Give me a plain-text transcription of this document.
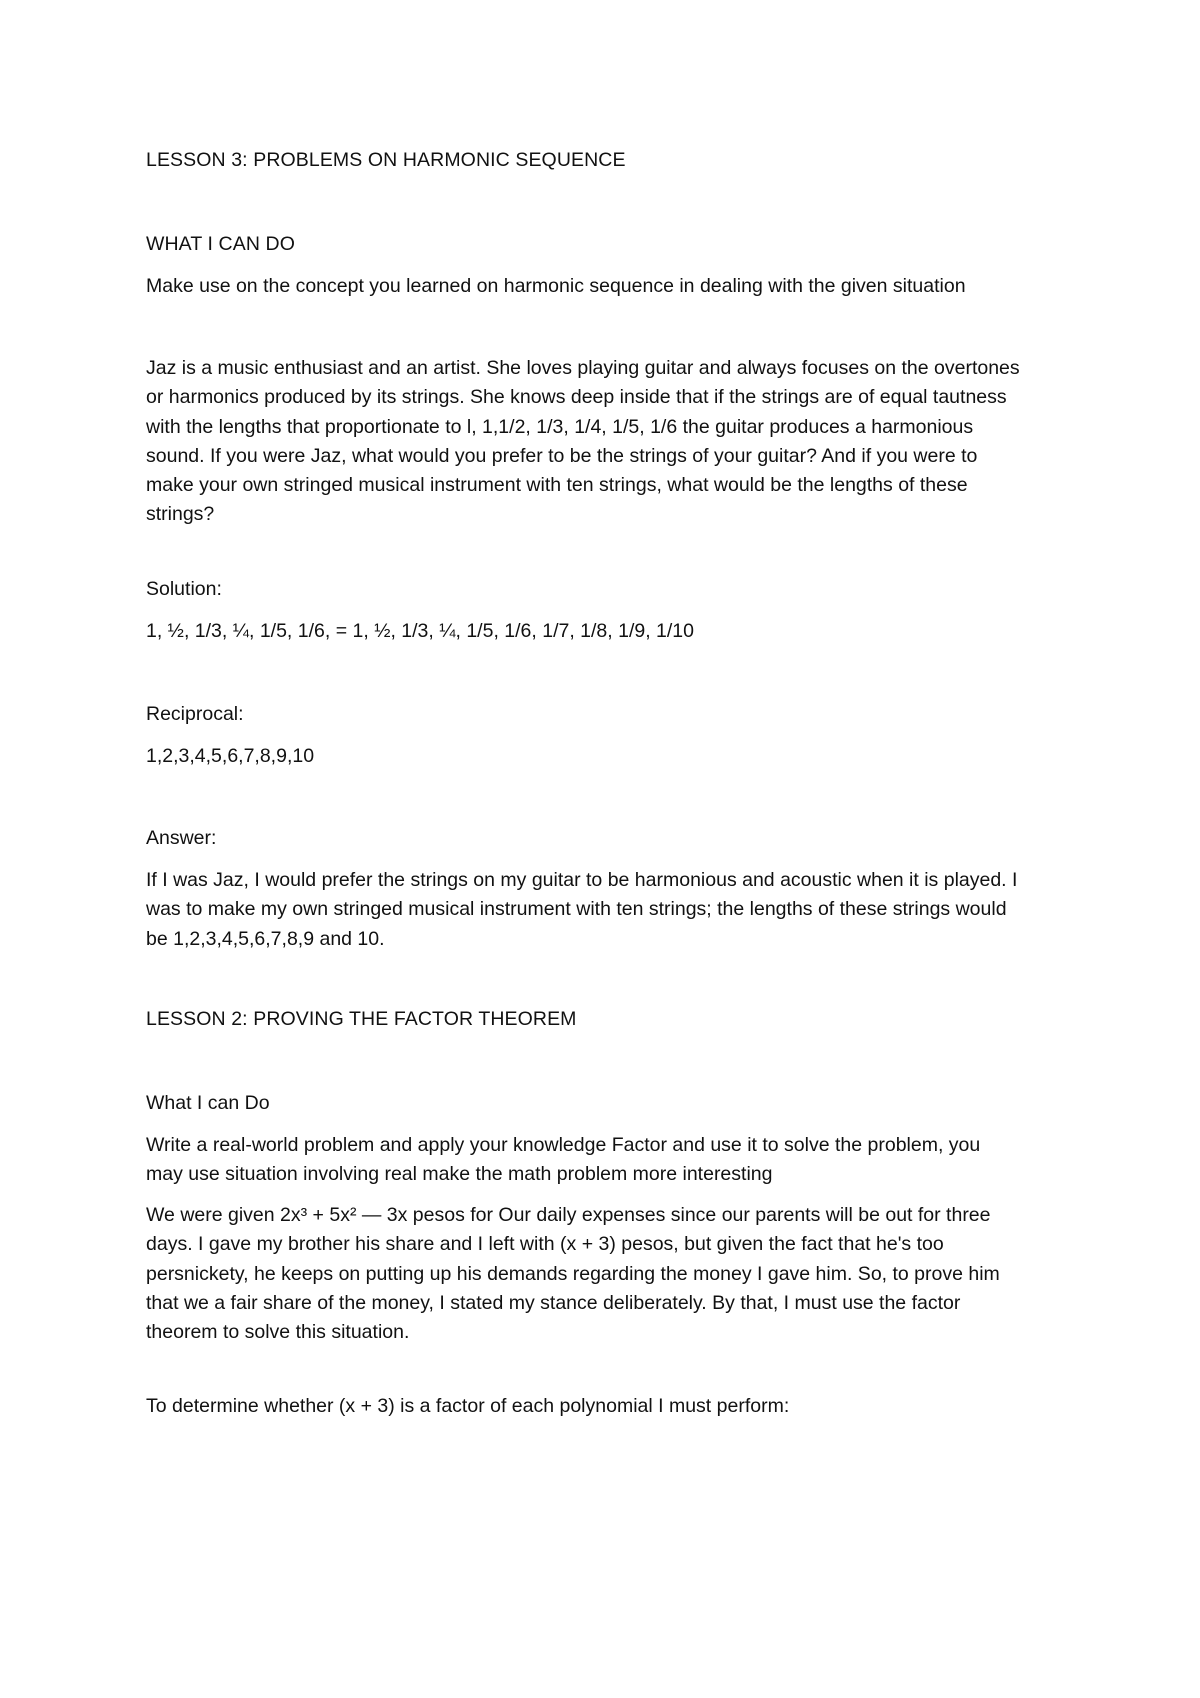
LESSON 3: PROBLEMS ON HARMONIC SEQUENCE
WHAT I CAN DO
Make use on the concept you learned on harmonic sequence in dealing with the given situation
Jaz is a music enthusiast and an artist. She loves playing guitar and always focuses on the overtones
or harmonics produced by its strings. She knows deep inside that if the strings are of equal tautness
with the lengths that proportionate to l, 1,1/2, 1/3, 1/4, 1/5, 1/6 the guitar produces a harmonious
sound. If you were Jaz, what would you prefer to be the strings of your guitar? And if you were to
make your own stringed musical instrument with ten strings, what would be the lengths of these
strings?
Solution:
1, ½, 1/3, ¼, 1/5, 1/6, = 1, ½, 1/3, ¼, 1/5, 1/6, 1/7, 1/8, 1/9, 1/10
Reciprocal:
1,2,3,4,5,6,7,8,9,10
Answer:
If I was Jaz, I would prefer the strings on my guitar to be harmonious and acoustic when it is played. I
was to make my own stringed musical instrument with ten strings; the lengths of these strings would
be 1,2,3,4,5,6,7,8,9 and 10.
LESSON 2: PROVING THE FACTOR THEOREM
What I can Do
Write a real-world problem and apply your knowledge Factor and use it to solve the problem, you
may use situation involving real make the math problem more interesting
We were given 2x³ + 5x² — 3x pesos for Our daily expenses since our parents will be out for three
days. I gave my brother his share and I left with (x + 3) pesos, but given the fact that he's too
persnickety, he keeps on putting up his demands regarding the money I gave him. So, to prove him
that we a fair share of the money, I stated my stance deliberately. By that, I must use the factor
theorem to solve this situation.
To determine whether (x + 3) is a factor of each polynomial I must perform:
